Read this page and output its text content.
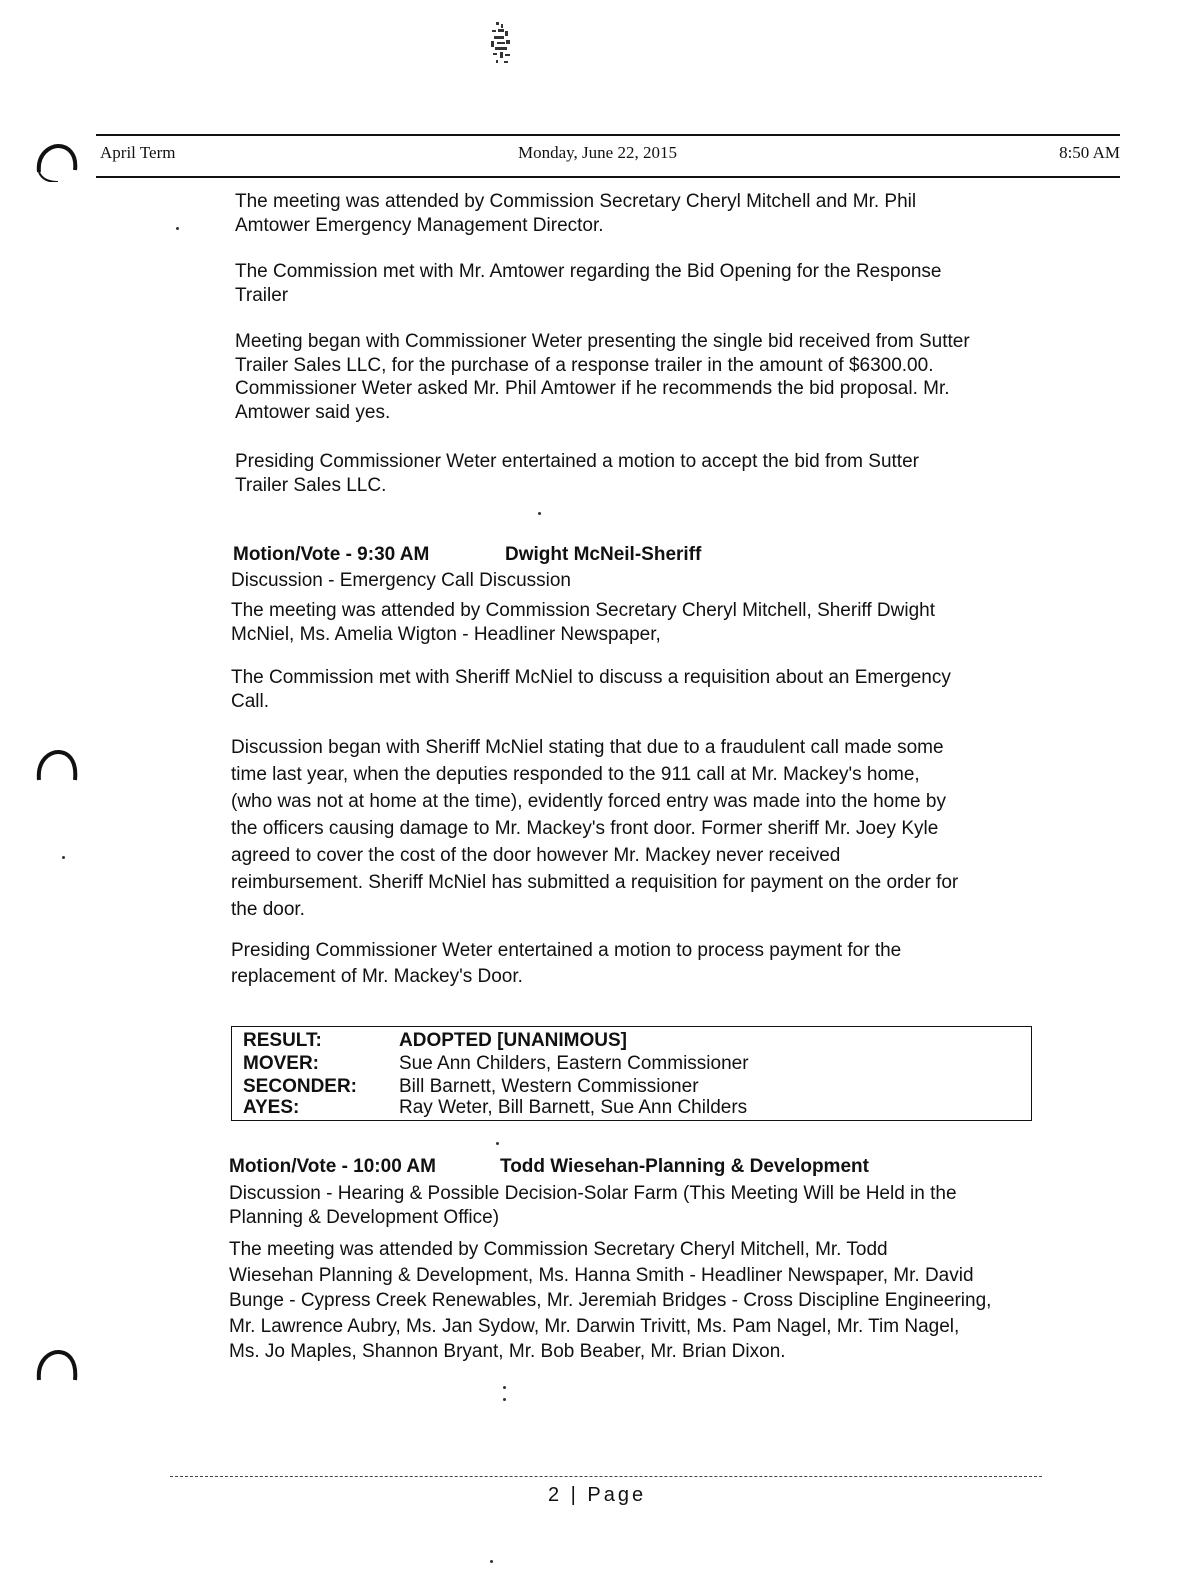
April Term	Monday, June 22, 2015	8:50 AM
The meeting was attended by Commission Secretary Cheryl Mitchell and Mr. Phil
Amtower Emergency Management Director.
The Commission met with Mr. Amtower regarding the Bid Opening for the Response
Trailer
Meeting began with Commissioner Weter presenting the single bid received from Sutter
Trailer Sales LLC, for the purchase of a response trailer in the amount of $6300.00.
Commissioner Weter asked Mr. Phil Amtower if he recommends the bid proposal. Mr.
Amtower said yes.
Presiding Commissioner Weter entertained a motion to accept the bid from Sutter
Trailer Sales LLC.
Motion/Vote - 9:30 AM	Dwight McNeil-Sheriff
Discussion - Emergency Call Discussion
The meeting was attended by Commission Secretary Cheryl Mitchell, Sheriff Dwight
McNiel, Ms. Amelia Wigton - Headliner Newspaper,
The Commission met with Sheriff McNiel to discuss a requisition about an Emergency
Call.
Discussion began with Sheriff McNiel stating that due to a fraudulent call made some
time last year, when the deputies responded to the 911 call at Mr. Mackey's home,
(who was not at home at the time), evidently forced entry was made into the home by
the officers causing damage to Mr. Mackey's front door. Former sheriff Mr. Joey Kyle
agreed to cover the cost of the door however Mr. Mackey never received
reimbursement. Sheriff McNiel has submitted a requisition for payment on the order for
the door.
Presiding Commissioner Weter entertained a motion to process payment for the
replacement of Mr. Mackey's Door.
RESULT:	ADOPTED [UNANIMOUS]
MOVER:	Sue Ann Childers, Eastern Commissioner
SECONDER: Bill Barnett, Western Commissioner
AYES:	Ray Weter, Bill Barnett, Sue Ann Childers
Motion/Vote - 10:00 AM	Todd Wiesehan-Planning & Development
Discussion - Hearing & Possible Decision-Solar Farm (This Meeting Will be Held in the
Planning & Development Office)
The meeting was attended by Commission Secretary Cheryl Mitchell, Mr. Todd
Wiesehan Planning & Development, Ms. Hanna Smith - Headliner Newspaper, Mr. David
Bunge - Cypress Creek Renewables, Mr. Jeremiah Bridges - Cross Discipline Engineering,
Mr. Lawrence Aubry, Ms. Jan Sydow, Mr. Darwin Trivitt, Ms. Pam Nagel, Mr. Tim Nagel,
Ms. Jo Maples, Shannon Bryant, Mr. Bob Beaber, Mr. Brian Dixon.
2 | Page
